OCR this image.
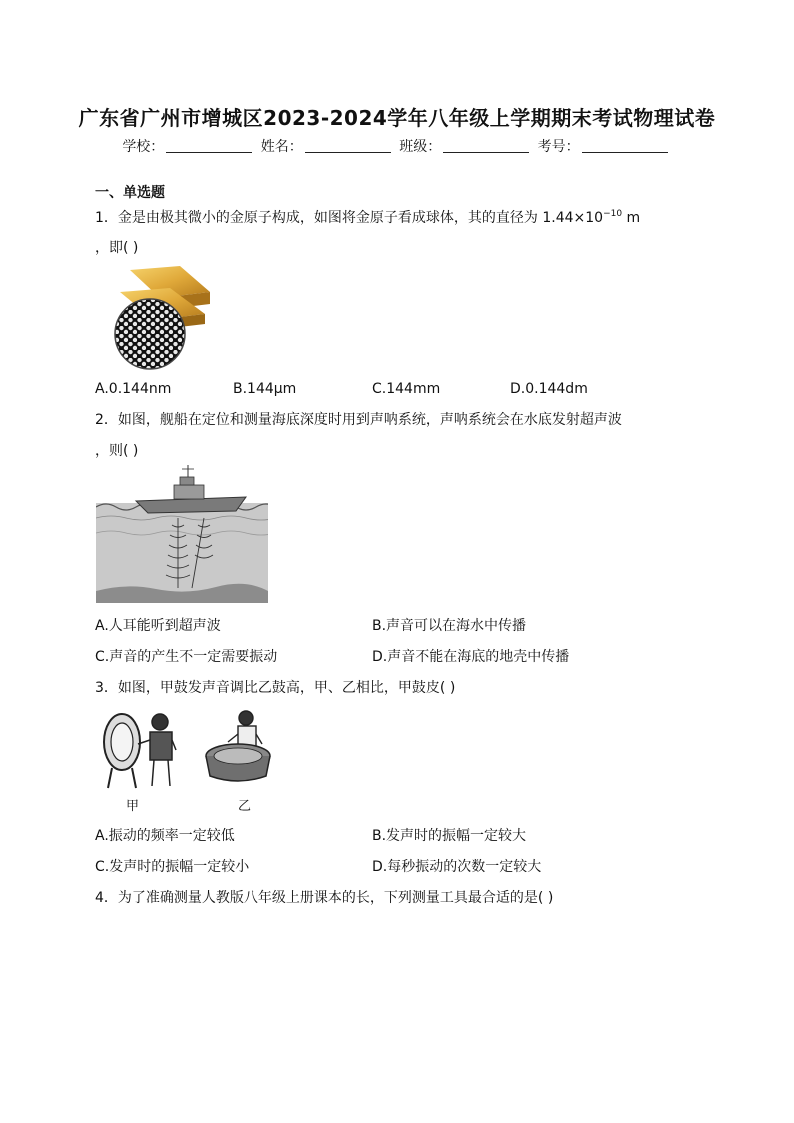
广东省广州市增城区2023-2024学年八年级上学期期末考试物理试卷
学校：	姓名：	班级：	考号：
一、单选题
1．金是由极其微小的金原子构成，如图将金原子看成球体，其的直径为 $1.44\times 10^{-10}$ m
，即( )
A.0.144nm	B.144μm	C.144mm	D.0.144dm
2．如图，舰船在定位和测量海底深度时用到声呐系统，声呐系统会在水底发射超声波
，则( )
A.人耳能听到超声波	B.声音可以在海水中传播
C.声音的产生不一定需要振动	D.声音不能在海底的地壳中传播
3．如图，甲鼓发声音调比乙鼓高，甲、乙相比，甲鼓皮( )
甲	乙
A.振动的频率一定较低	B.发声时的振幅一定较大
C.发声时的振幅一定较小	D.每秒振动的次数一定较大
4．为了准确测量人教版八年级上册课本的长，下列测量工具最合适的是( )
